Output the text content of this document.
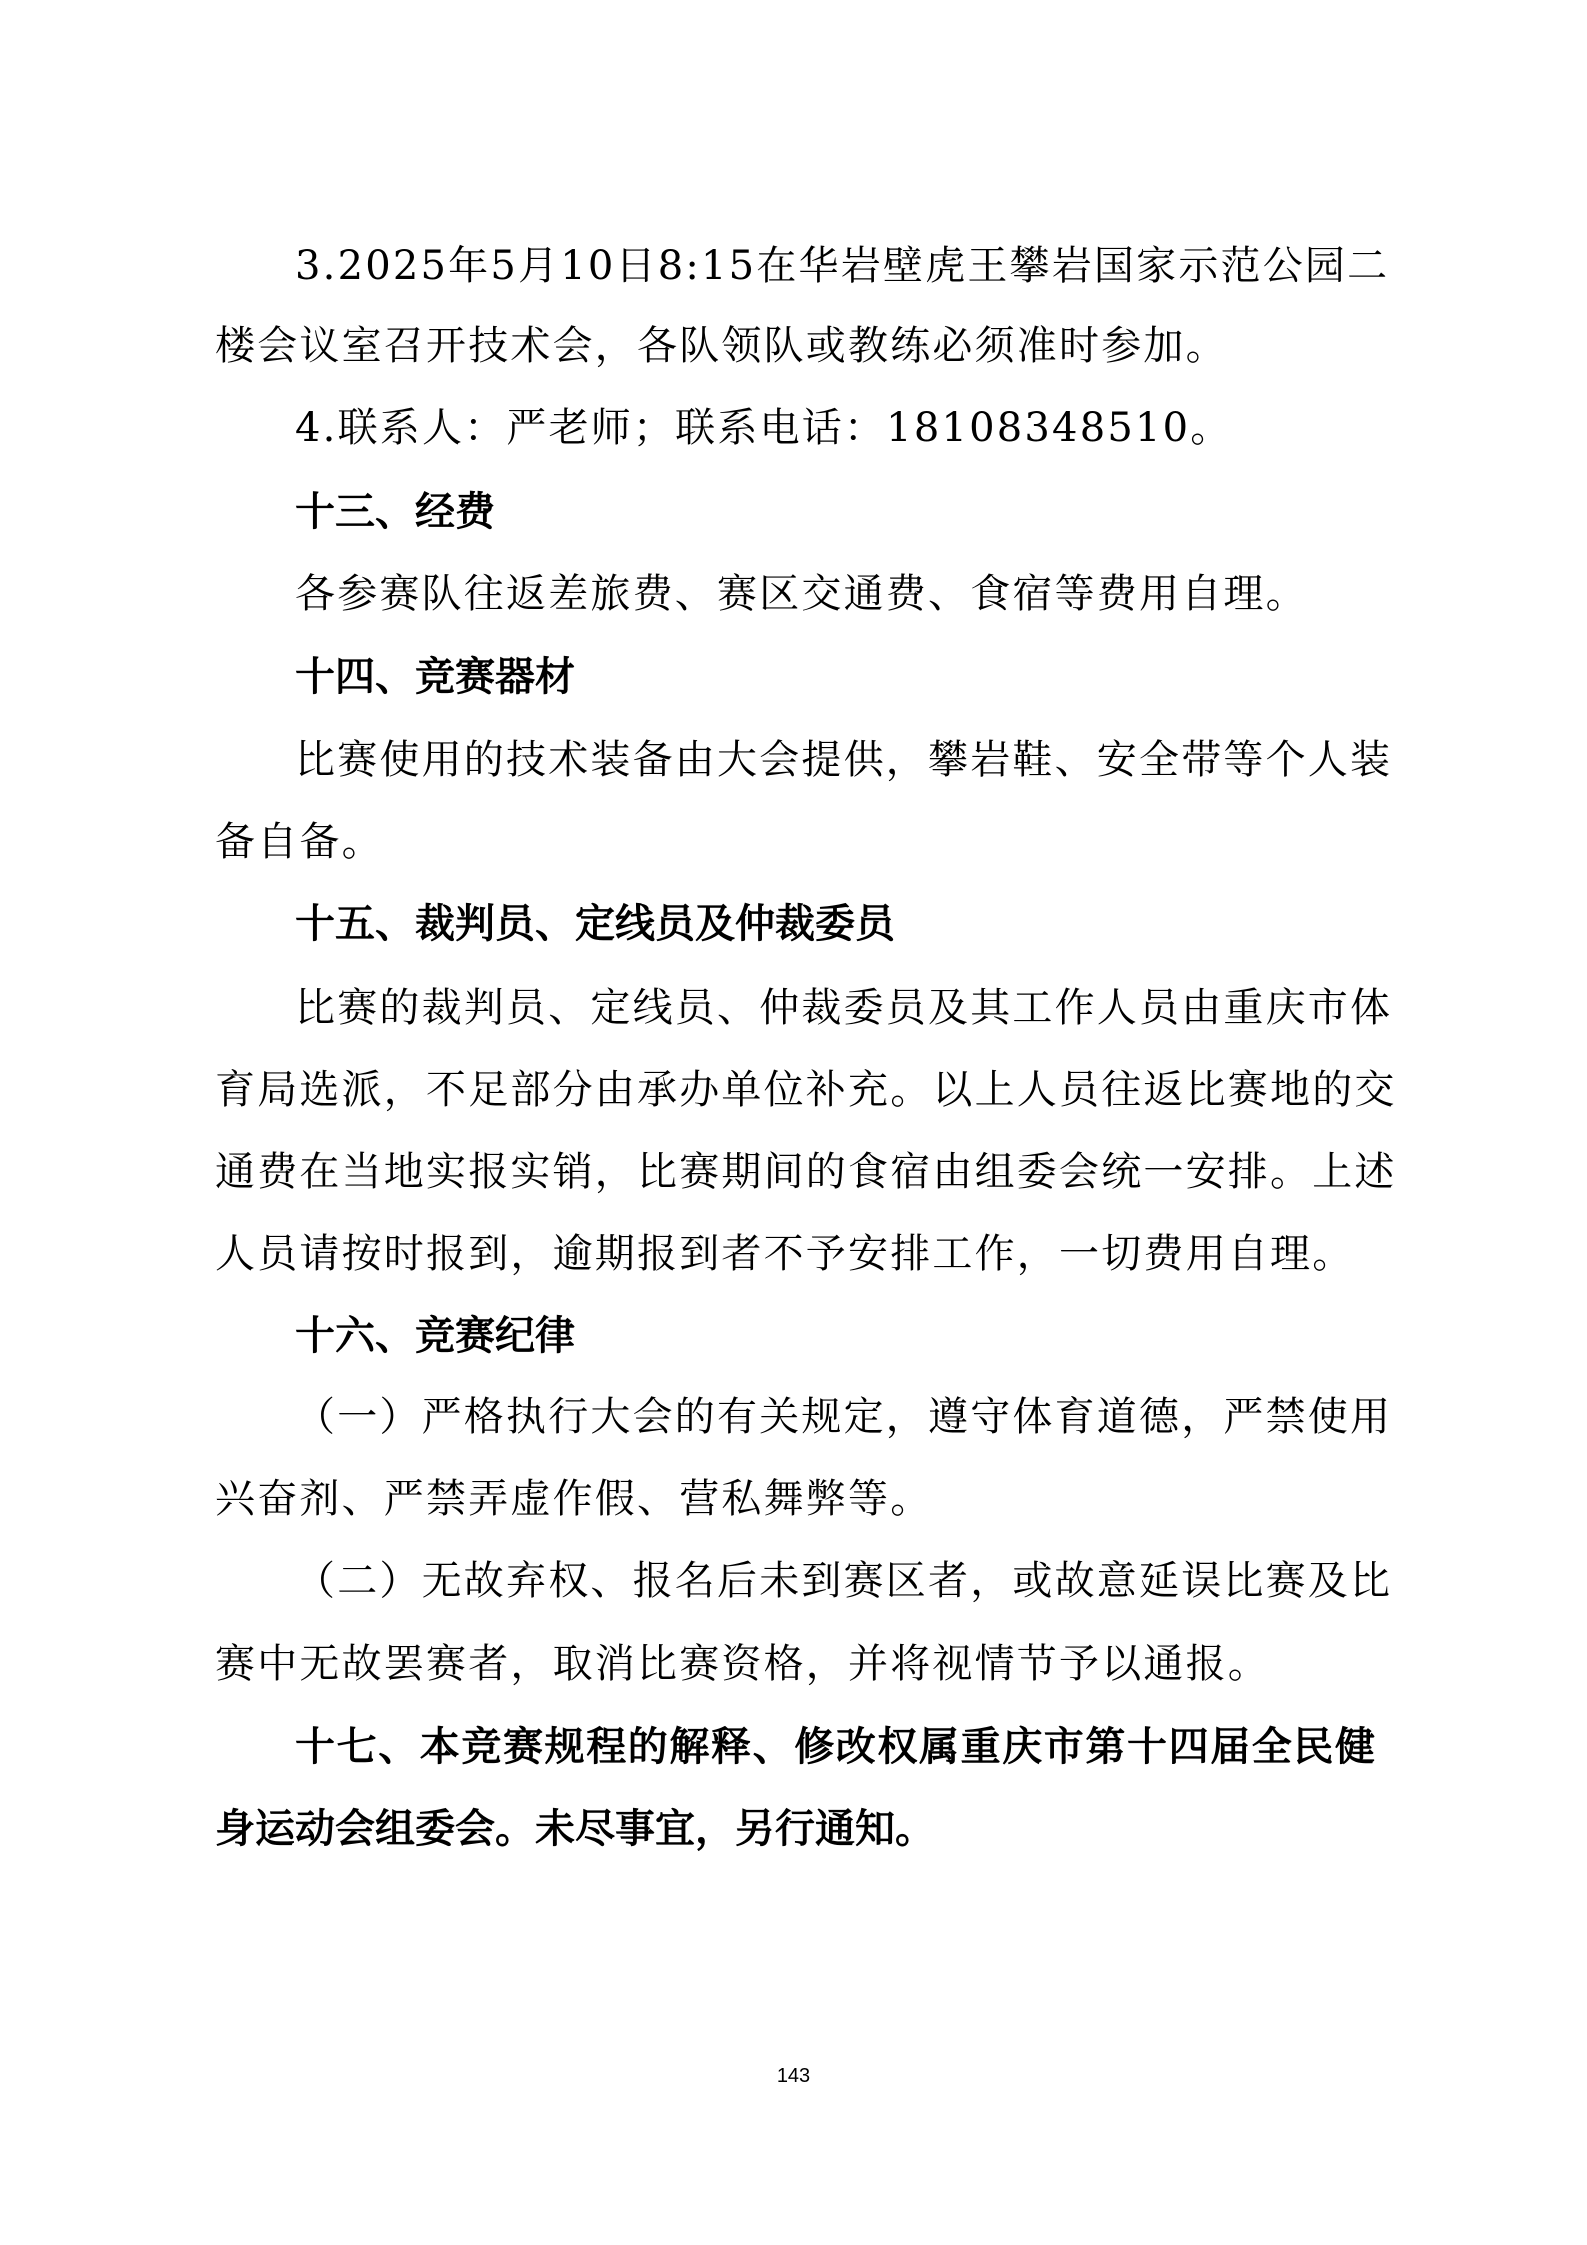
3.2025年5月10日8:15在华岩壁虎王攀岩国家示范公园二
楼会议室召开技术会，各队领队或教练必须准时参加。
4.联系人：严老师；联系电话：18108348510。
十三、经费
各参赛队往返差旅费、赛区交通费、食宿等费用自理。
十四、竞赛器材
比赛使用的技术装备由大会提供，攀岩鞋、安全带等个人装
备自备。
十五、裁判员、定线员及仲裁委员
比赛的裁判员、定线员、仲裁委员及其工作人员由重庆市体
育局选派，不足部分由承办单位补充。以上人员往返比赛地的交
通费在当地实报实销，比赛期间的食宿由组委会统一安排。上述
人员请按时报到，逾期报到者不予安排工作，一切费用自理。
十六、竞赛纪律
（一）严格执行大会的有关规定，遵守体育道德，严禁使用
兴奋剂、严禁弄虚作假、营私舞弊等。
（二）无故弃权、报名后未到赛区者，或故意延误比赛及比
赛中无故罢赛者，取消比赛资格，并将视情节予以通报。
十七、本竞赛规程的解释、修改权属重庆市第十四届全民健
身运动会组委会。未尽事宜，另行通知。
143
